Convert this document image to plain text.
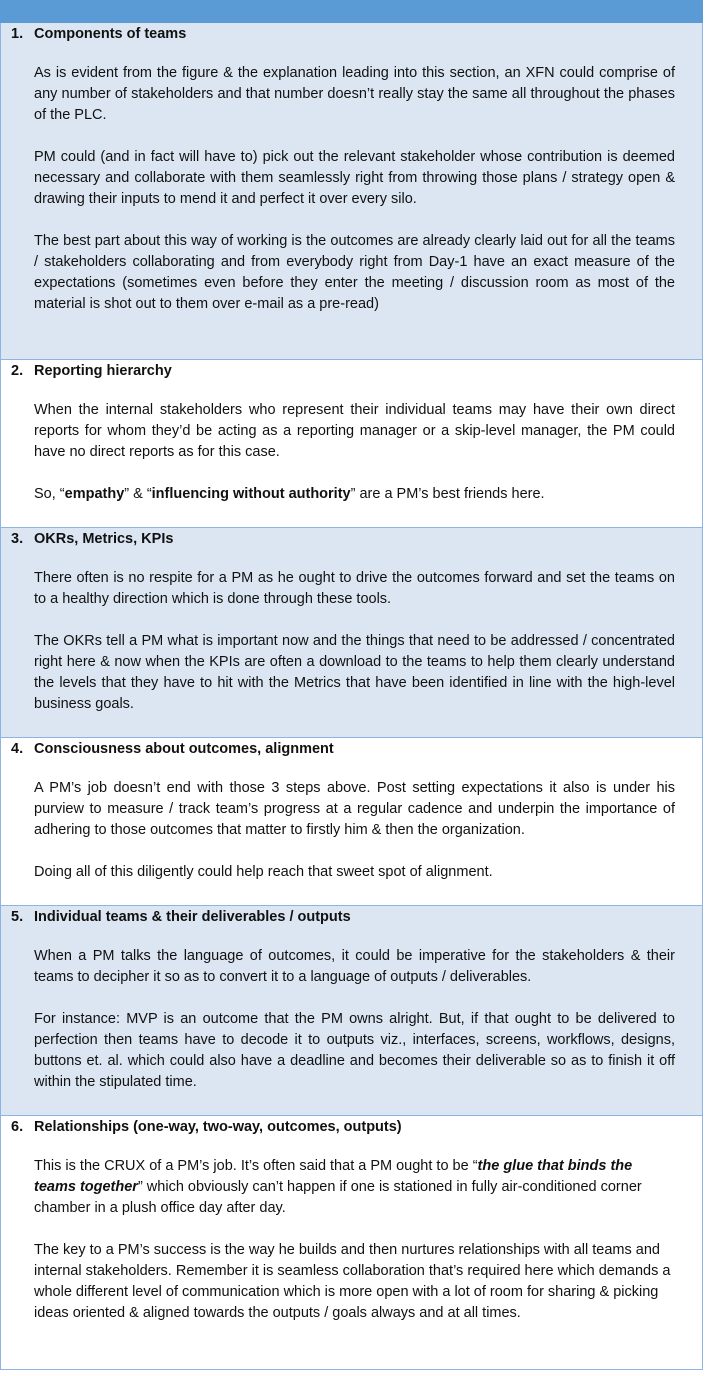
1. Components of teams

As is evident from the figure & the explanation leading into this section, an XFN could comprise of any number of stakeholders and that number doesn’t really stay the same all throughout the phases of the PLC.

PM could (and in fact will have to) pick out the relevant stakeholder whose contribution is deemed necessary and collaborate with them seamlessly right from throwing those plans / strategy open & drawing their inputs to mend it and perfect it over every silo.

The best part about this way of working is the outcomes are already clearly laid out for all the teams / stakeholders collaborating and from everybody right from Day-1 have an exact measure of the expectations (sometimes even before they enter the meeting / discussion room as most of the material is shot out to them over e-mail as a pre-read)

2. Reporting hierarchy

When the internal stakeholders who represent their individual teams may have their own direct reports for whom they’d be acting as a reporting manager or a skip-level manager, the PM could have no direct reports as for this case.

So, “empathy” & “influencing without authority” are a PM’s best friends here.

3. OKRs, Metrics, KPIs

There often is no respite for a PM as he ought to drive the outcomes forward and set the teams on to a healthy direction which is done through these tools.

The OKRs tell a PM what is important now and the things that need to be addressed / concentrated right here & now when the KPIs are often a download to the teams to help them clearly understand the levels that they have to hit with the Metrics that have been identified in line with the high-level business goals.

4. Consciousness about outcomes, alignment

A PM’s job doesn’t end with those 3 steps above. Post setting expectations it also is under his purview to measure / track team’s progress at a regular cadence and underpin the importance of adhering to those outcomes that matter to firstly him & then the organization.

Doing all of this diligently could help reach that sweet spot of alignment.

5. Individual teams & their deliverables / outputs

When a PM talks the language of outcomes, it could be imperative for the stakeholders & their teams to decipher it so as to convert it to a language of outputs / deliverables.

For instance: MVP is an outcome that the PM owns alright. But, if that ought to be delivered to perfection then teams have to decode it to outputs viz., interfaces, screens, workflows, designs, buttons et. al. which could also have a deadline and becomes their deliverable so as to finish it off within the stipulated time.

6. Relationships (one-way, two-way, outcomes, outputs)

This is the CRUX of a PM’s job. It’s often said that a PM ought to be “the glue that binds the teams together” which obviously can’t happen if one is stationed in fully air-conditioned corner chamber in a plush office day after day.

The key to a PM’s success is the way he builds and then nurtures relationships with all teams and internal stakeholders. Remember it is seamless collaboration that’s required here which demands a whole different level of communication which is more open with a lot of room for sharing & picking ideas oriented & aligned towards the outputs / goals always and at all times.
